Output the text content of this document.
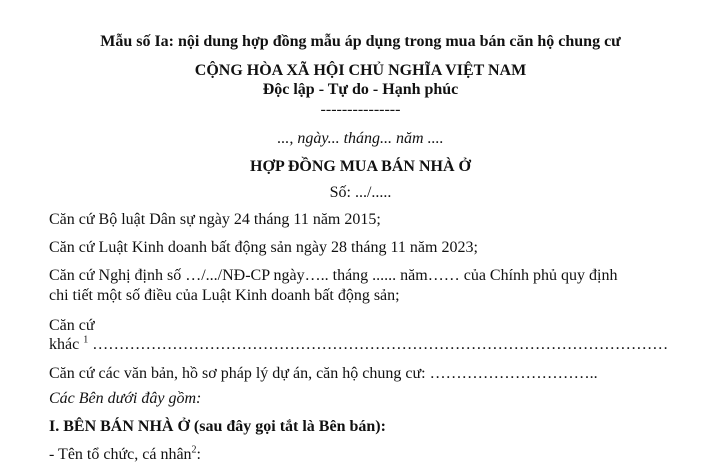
Mẫu số Ia: nội dung hợp đồng mẫu áp dụng trong mua bán căn hộ chung cư
CỘNG HÒA XÃ HỘI CHỦ NGHĨA VIỆT NAM
Độc lập - Tự do - Hạnh phúc
---------------
..., ngày... tháng... năm ....
HỢP ĐỒNG MUA BÁN NHÀ Ở
Số: .../.....
Căn cứ Bộ luật Dân sự ngày 24 tháng 11 năm 2015;
Căn cứ Luật Kinh doanh bất động sản ngày 28 tháng 11 năm 2023;
Căn cứ Nghị định số …/.../NĐ-CP ngày….. tháng ...... năm…… của Chính phủ quy định
chi tiết một số điều của Luật Kinh doanh bất động sản;
Căn cứ
khác $^1$ ………………………………………………………………………………………………
Căn cứ các văn bản, hồ sơ pháp lý dự án, căn hộ chung cư: …………………………..
Các Bên dưới đây gồm:
I. BÊN BÁN NHÀ Ở (sau đây gọi tắt là Bên bán):
- Tên tổ chức, cá nhân$^2$:
